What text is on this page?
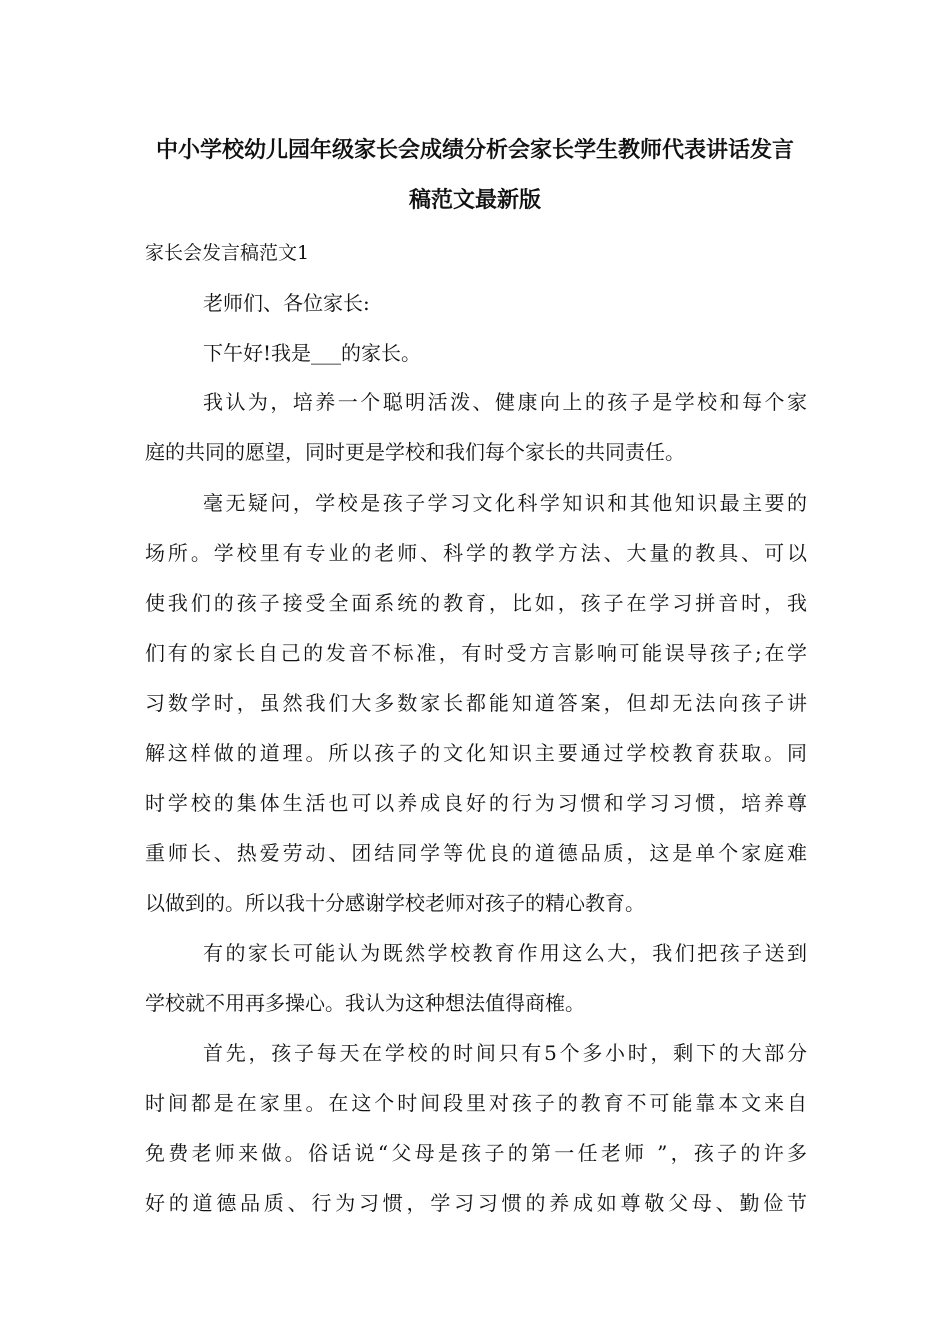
中小学校幼儿园年级家长会成绩分析会家长学生教师代表讲话发言
稿范文最新版
家长会发言稿范文1
老师们、各位家长:
下午好!我是___的家长。
我认为，培养一个聪明活泼、健康向上的孩子是学校和每个家
庭的共同的愿望，同时更是学校和我们每个家长的共同责任。
毫无疑问，学校是孩子学习文化科学知识和其他知识最主要的
场所。学校里有专业的老师、科学的教学方法、大量的教具、可以
使我们的孩子接受全面系统的教育，比如，孩子在学习拼音时，我
们有的家长自己的发音不标准，有时受方言影响可能误导孩子;在学
习数学时，虽然我们大多数家长都能知道答案，但却无法向孩子讲
解这样做的道理。所以孩子的文化知识主要通过学校教育获取。同
时学校的集体生活也可以养成良好的行为习惯和学习习惯，培养尊
重师长、热爱劳动、团结同学等优良的道德品质，这是单个家庭难
以做到的。所以我十分感谢学校老师对孩子的精心教育。
有的家长可能认为既然学校教育作用这么大，我们把孩子送到
学校就不用再多操心。我认为这种想法值得商榷。
首先，孩子每天在学校的时间只有5个多小时，剩下的大部分
时间都是在家里。在这个时间段里对孩子的教育不可能靠本文来自
免费老师来做。俗话说“父母是孩子的第一任老师 ”，孩子的许多
好的道德品质、行为习惯，学习习惯的养成如尊敬父母、勤俭节
